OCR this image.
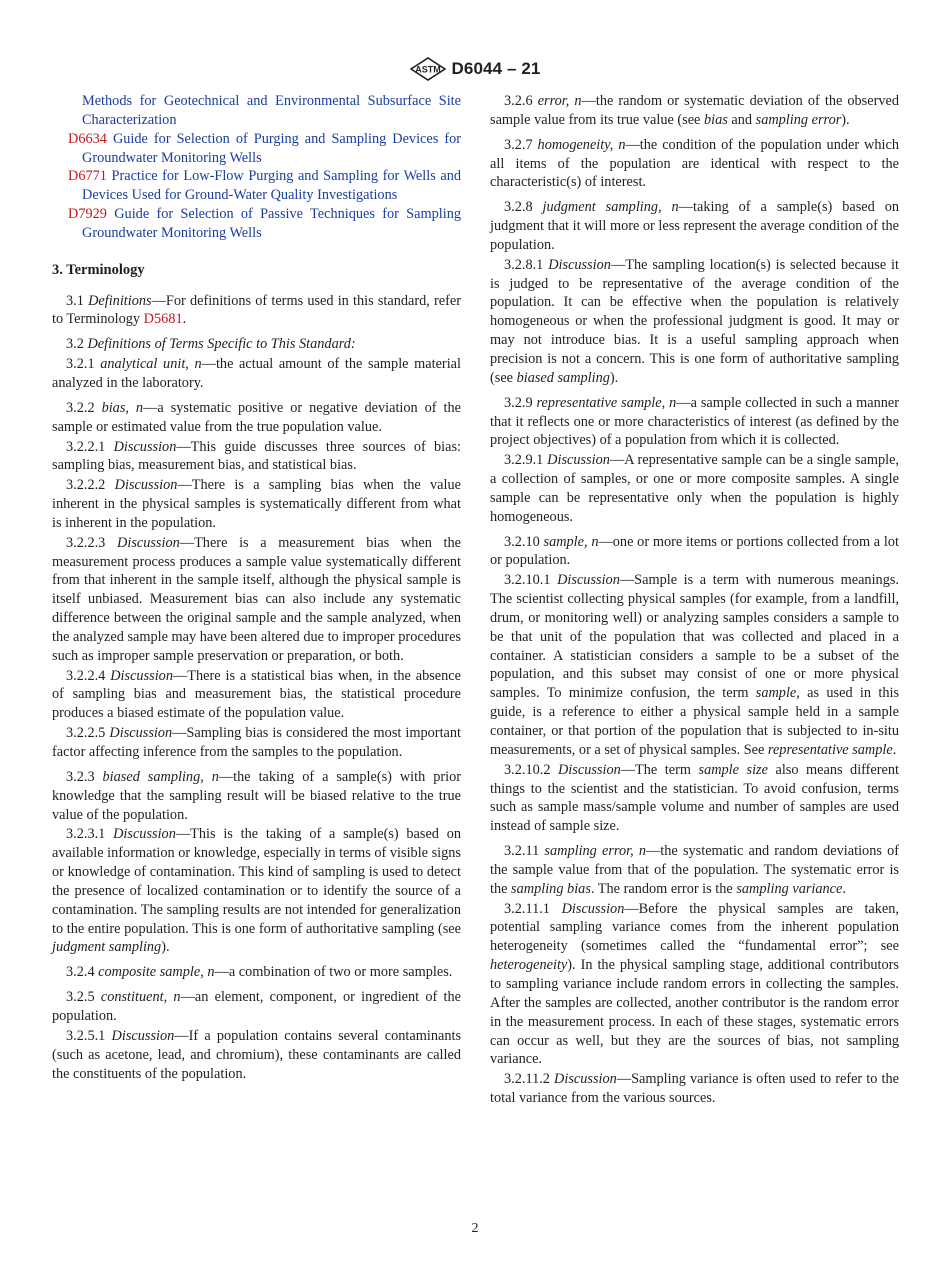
ASTM D6044 – 21
Methods for Geotechnical and Environmental Subsurface Site Characterization
D6634 Guide for Selection of Purging and Sampling Devices for Groundwater Monitoring Wells
D6771 Practice for Low-Flow Purging and Sampling for Wells and Devices Used for Ground-Water Quality Investigations
D7929 Guide for Selection of Passive Techniques for Sampling Groundwater Monitoring Wells
3. Terminology

3.1 Definitions—For definitions of terms used in this standard, refer to Terminology D5681.

3.2 Definitions of Terms Specific to This Standard:

3.2.1 analytical unit, n—the actual amount of the sample material analyzed in the laboratory.

3.2.2 bias, n—a systematic positive or negative deviation of the sample or estimated value from the true population value.

3.2.2.1 Discussion—This guide discusses three sources of bias: sampling bias, measurement bias, and statistical bias.

3.2.2.2 Discussion—There is a sampling bias when the value inherent in the physical samples is systematically different from what is inherent in the population.

3.2.2.3 Discussion—There is a measurement bias when the measurement process produces a sample value systematically different from that inherent in the sample itself, although the physical sample is itself unbiased. Measurement bias can also include any systematic difference between the original sample and the sample analyzed, when the analyzed sample may have been altered due to improper procedures such as improper sample preservation or preparation, or both.

3.2.2.4 Discussion—There is a statistical bias when, in the absence of sampling bias and measurement bias, the statistical procedure produces a biased estimate of the population value.

3.2.2.5 Discussion—Sampling bias is considered the most important factor affecting inference from the samples to the population.

3.2.3 biased sampling, n—the taking of a sample(s) with prior knowledge that the sampling result will be biased relative to the true value of the population.

3.2.3.1 Discussion—This is the taking of a sample(s) based on available information or knowledge, especially in terms of visible signs or knowledge of contamination. This kind of sampling is used to detect the presence of localized contamination or to identify the source of a contamination. The sampling results are not intended for generalization to the entire population. This is one form of authoritative sampling (see judgment sampling).

3.2.4 composite sample, n—a combination of two or more samples.

3.2.5 constituent, n—an element, component, or ingredient of the population.

3.2.5.1 Discussion—If a population contains several contaminants (such as acetone, lead, and chromium), these contaminants are called the constituents of the population.

3.2.6 error, n—the random or systematic deviation of the observed sample value from its true value (see bias and sampling error).

3.2.7 homogeneity, n—the condition of the population under which all items of the population are identical with respect to the characteristic(s) of interest.

3.2.8 judgment sampling, n—taking of a sample(s) based on judgment that it will more or less represent the average condition of the population.

3.2.8.1 Discussion—The sampling location(s) is selected because it is judged to be representative of the average condition of the population. It can be effective when the population is relatively homogeneous or when the professional judgment is good. It may or may not introduce bias. It is a useful sampling approach when precision is not a concern. This is one form of authoritative sampling (see biased sampling).

3.2.9 representative sample, n—a sample collected in such a manner that it reflects one or more characteristics of interest (as defined by the project objectives) of a population from which it is collected.

3.2.9.1 Discussion—A representative sample can be a single sample, a collection of samples, or one or more composite samples. A single sample can be representative only when the population is highly homogeneous.

3.2.10 sample, n—one or more items or portions collected from a lot or population.

3.2.10.1 Discussion—Sample is a term with numerous meanings. The scientist collecting physical samples (for example, from a landfill, drum, or monitoring well) or analyzing samples considers a sample to be that unit of the population that was collected and placed in a container. A statistician considers a sample to be a subset of the population, and this subset may consist of one or more physical samples. To minimize confusion, the term sample, as used in this guide, is a reference to either a physical sample held in a sample container, or that portion of the population that is subjected to in-situ measurements, or a set of physical samples. See representative sample.

3.2.10.2 Discussion—The term sample size also means different things to the scientist and the statistician. To avoid confusion, terms such as sample mass/sample volume and number of samples are used instead of sample size.

3.2.11 sampling error, n—the systematic and random deviations of the sample value from that of the population. The systematic error is the sampling bias. The random error is the sampling variance.

3.2.11.1 Discussion—Before the physical samples are taken, potential sampling variance comes from the inherent population heterogeneity (sometimes called the “fundamental error”; see heterogeneity). In the physical sampling stage, additional contributors to sampling variance include random errors in collecting the samples. After the samples are collected, another contributor is the random error in the measurement process. In each of these stages, systematic errors can occur as well, but they are the sources of bias, not sampling variance.

3.2.11.2 Discussion—Sampling variance is often used to refer to the total variance from the various sources.

2
